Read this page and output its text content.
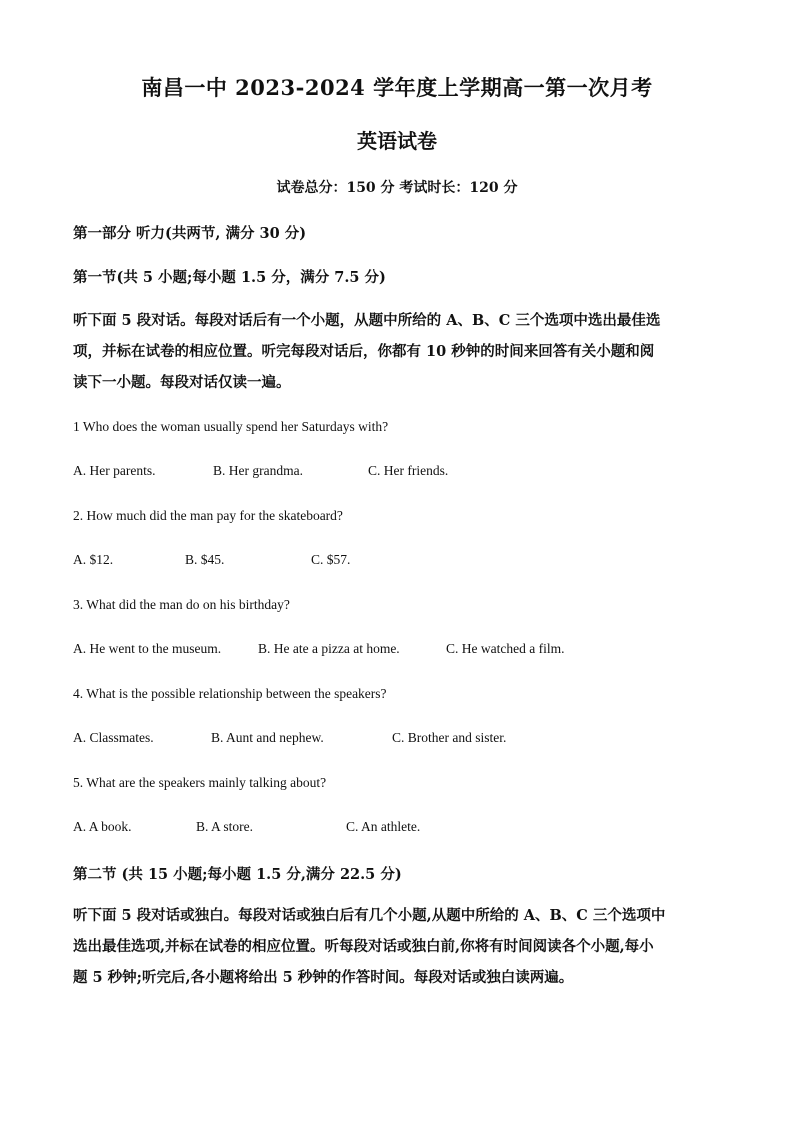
南昌一中 2023-2024 学年度上学期高一第一次月考
英语试卷
试卷总分：150 分 考试时长：120 分
第一部分 听力(共两节, 满分 30 分)
第一节(共 5 小题;每小题 1.5 分，满分 7.5 分)
听下面 5 段对话。每段对话后有一个小题，从题中所给的 A、B、C 三个选项中选出最佳选
项，并标在试卷的相应位置。听完每段对话后，你都有 10 秒钟的时间来回答有关小题和阅
读下一小题。每段对话仅读一遍。
1 Who does the woman usually spend her Saturdays with?
A. Her parents.	B. Her grandma.	C. Her friends.
2. How much did the man pay for the skateboard?
A. $12.	B. $45.	C. $57.
3. What did the man do on his birthday?
A. He went to the museum.	B. He ate a pizza at home.	C. He watched a film.
4. What is the possible relationship between the speakers?
A. Classmates.	B. Aunt and nephew.	C. Brother and sister.
5. What are the speakers mainly talking about?
A. A book.	B. A store.	C. An athlete.
第二节 (共 15 小题;每小题 1.5 分,满分 22.5 分)
听下面 5 段对话或独白。每段对话或独白后有几个小题,从题中所给的 A、B、C 三个选项中
选出最佳选项,并标在试卷的相应位置。听每段对话或独白前,你将有时间阅读各个小题,每小
题 5 秒钟;听完后,各小题将给出 5 秒钟的作答时间。每段对话或独白读两遍。
